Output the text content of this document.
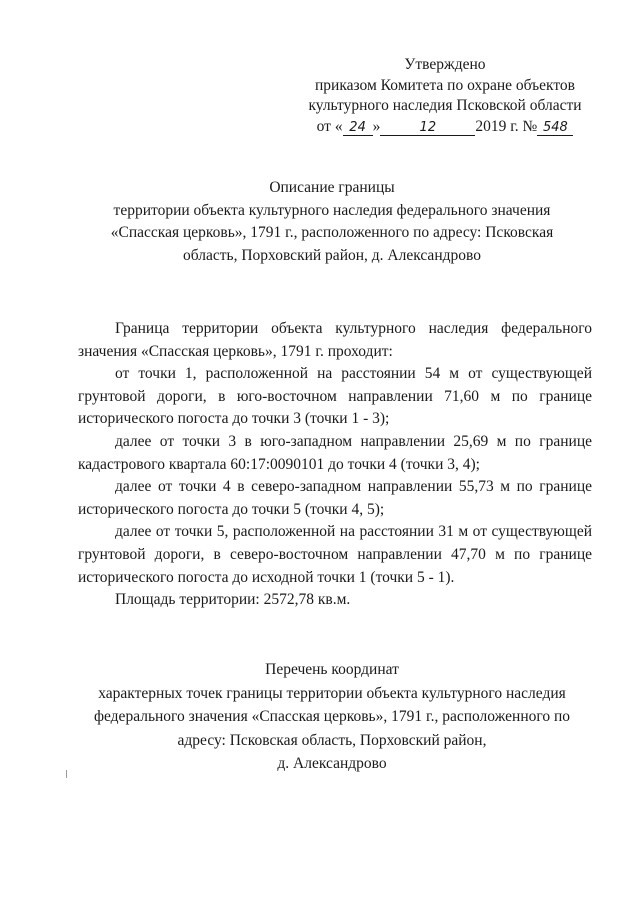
Утверждено
приказом Комитета по охране объектов
культурного наследия Псковской области
от « 24 »	12	2019 г. № 548
Описание границы
территории объекта культурного наследия федерального значения
«Спасская церковь», 1791 г., расположенного по адресу: Псковская
область, Порховский район, д. Александрово

Граница территории объекта культурного наследия федерального значения «Спасская церковь», 1791 г. проходит:

от точки 1, расположенной на расстоянии 54 м от существующей грунтовой дороги, в юго-восточном направлении 71,60 м по границе исторического погоста до точки 3 (точки 1 - 3);

далее от точки 3 в юго-западном направлении 25,69 м по границе кадастрового квартала 60:17:0090101 до точки 4 (точки 3, 4);

далее от точки 4 в северо-западном направлении 55,73 м по границе исторического погоста до точки 5 (точки 4, 5);

далее от точки 5, расположенной на расстоянии 31 м от существующей грунтовой дороги, в северо-восточном направлении 47,70 м по границе исторического погоста до исходной точки 1 (точки 5 - 1).

Площадь территории: 2572,78 кв.м.

Перечень координат
характерных точек границы территории объекта культурного наследия
федерального значения «Спасская церковь», 1791 г., расположенного по
адресу: Псковская область, Порховский район,
д. Александрово
